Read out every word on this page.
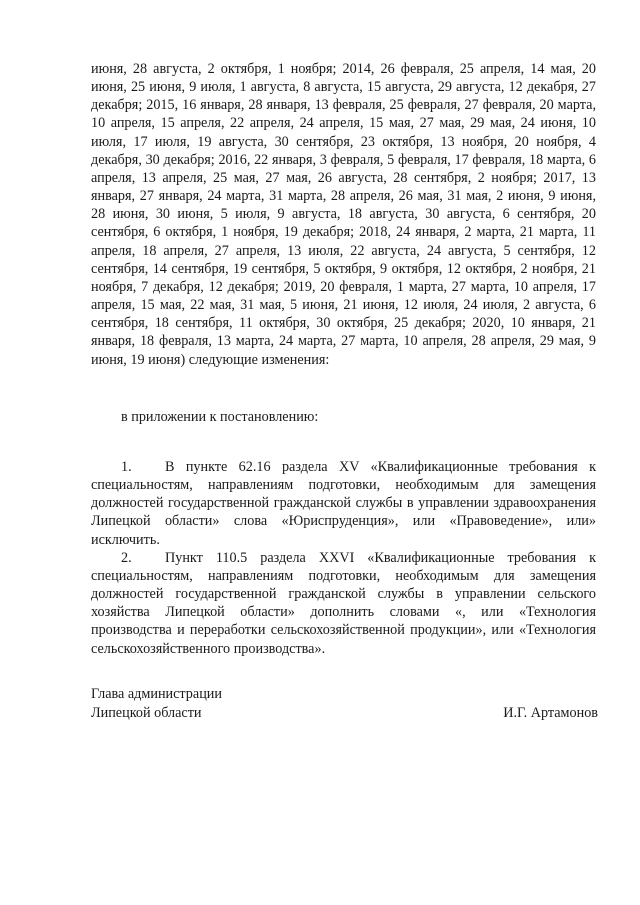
июня, 28 августа, 2 октября, 1 ноября; 2014, 26 февраля, 25 апреля, 14 мая, 20 июня, 25 июня, 9 июля, 1 августа, 8 августа, 15 августа, 29 августа, 12 декабря, 27 декабря; 2015, 16 января, 28 января, 13 февраля, 25 февраля, 27 февраля, 20 марта, 10 апреля, 15 апреля, 22 апреля, 24 апреля, 15 мая, 27 мая, 29 мая, 24 июня, 10 июля, 17 июля, 19 августа, 30 сентября, 23 октября, 13 ноября, 20 ноября, 4 декабря, 30 декабря; 2016, 22 января, 3 февраля, 5 февраля, 17 февраля, 18 марта, 6 апреля, 13 апреля, 25 мая, 27 мая, 26 августа, 28 сентября, 2 ноября; 2017, 13 января, 27 января, 24 марта, 31 марта, 28 апреля, 26 мая, 31 мая, 2 июня, 9 июня, 28 июня, 30 июня, 5 июля, 9 августа, 18 августа, 30 августа, 6 сентября, 20 сентября, 6 октября, 1 ноября, 19 декабря; 2018, 24 января, 2 марта, 21 марта, 11 апреля, 18 апреля, 27 апреля, 13 июля, 22 августа, 24 августа, 5 сентября, 12 сентября, 14 сентября, 19 сентября, 5 октября, 9 октября, 12 октября, 2 ноября, 21 ноября, 7 декабря, 12 декабря; 2019, 20 февраля, 1 марта, 27 марта, 10 апреля, 17 апреля, 15 мая, 22 мая, 31 мая, 5 июня, 21 июня, 12 июля, 24 июля, 2 августа, 6 сентября, 18 сентября, 11 октября, 30 октября, 25 декабря; 2020, 10 января, 21 января, 18 февраля, 13 марта, 24 марта, 27 марта, 10 апреля, 28 апреля, 29 мая, 9 июня, 19 июня) следующие изменения:

в приложении к постановлению:

1. В пункте 62.16 раздела XV «Квалификационные требования к специальностям, направлениям подготовки, необходимым для замещения должностей государственной гражданской службы в управлении здравоохранения Липецкой области» слова «Юриспруденция», или «Правоведение», или» исключить.

2. Пункт 110.5 раздела XXVI «Квалификационные требования к специальностям, направлениям подготовки, необходимым для замещения должностей государственной гражданской службы в управлении сельского хозяйства Липецкой области» дополнить словами «, или «Технология производства и переработки сельскохозяйственной продукции», или «Технология сельскохозяйственного производства».

Глава администрации
Липецкой области	И.Г. Артамонов
